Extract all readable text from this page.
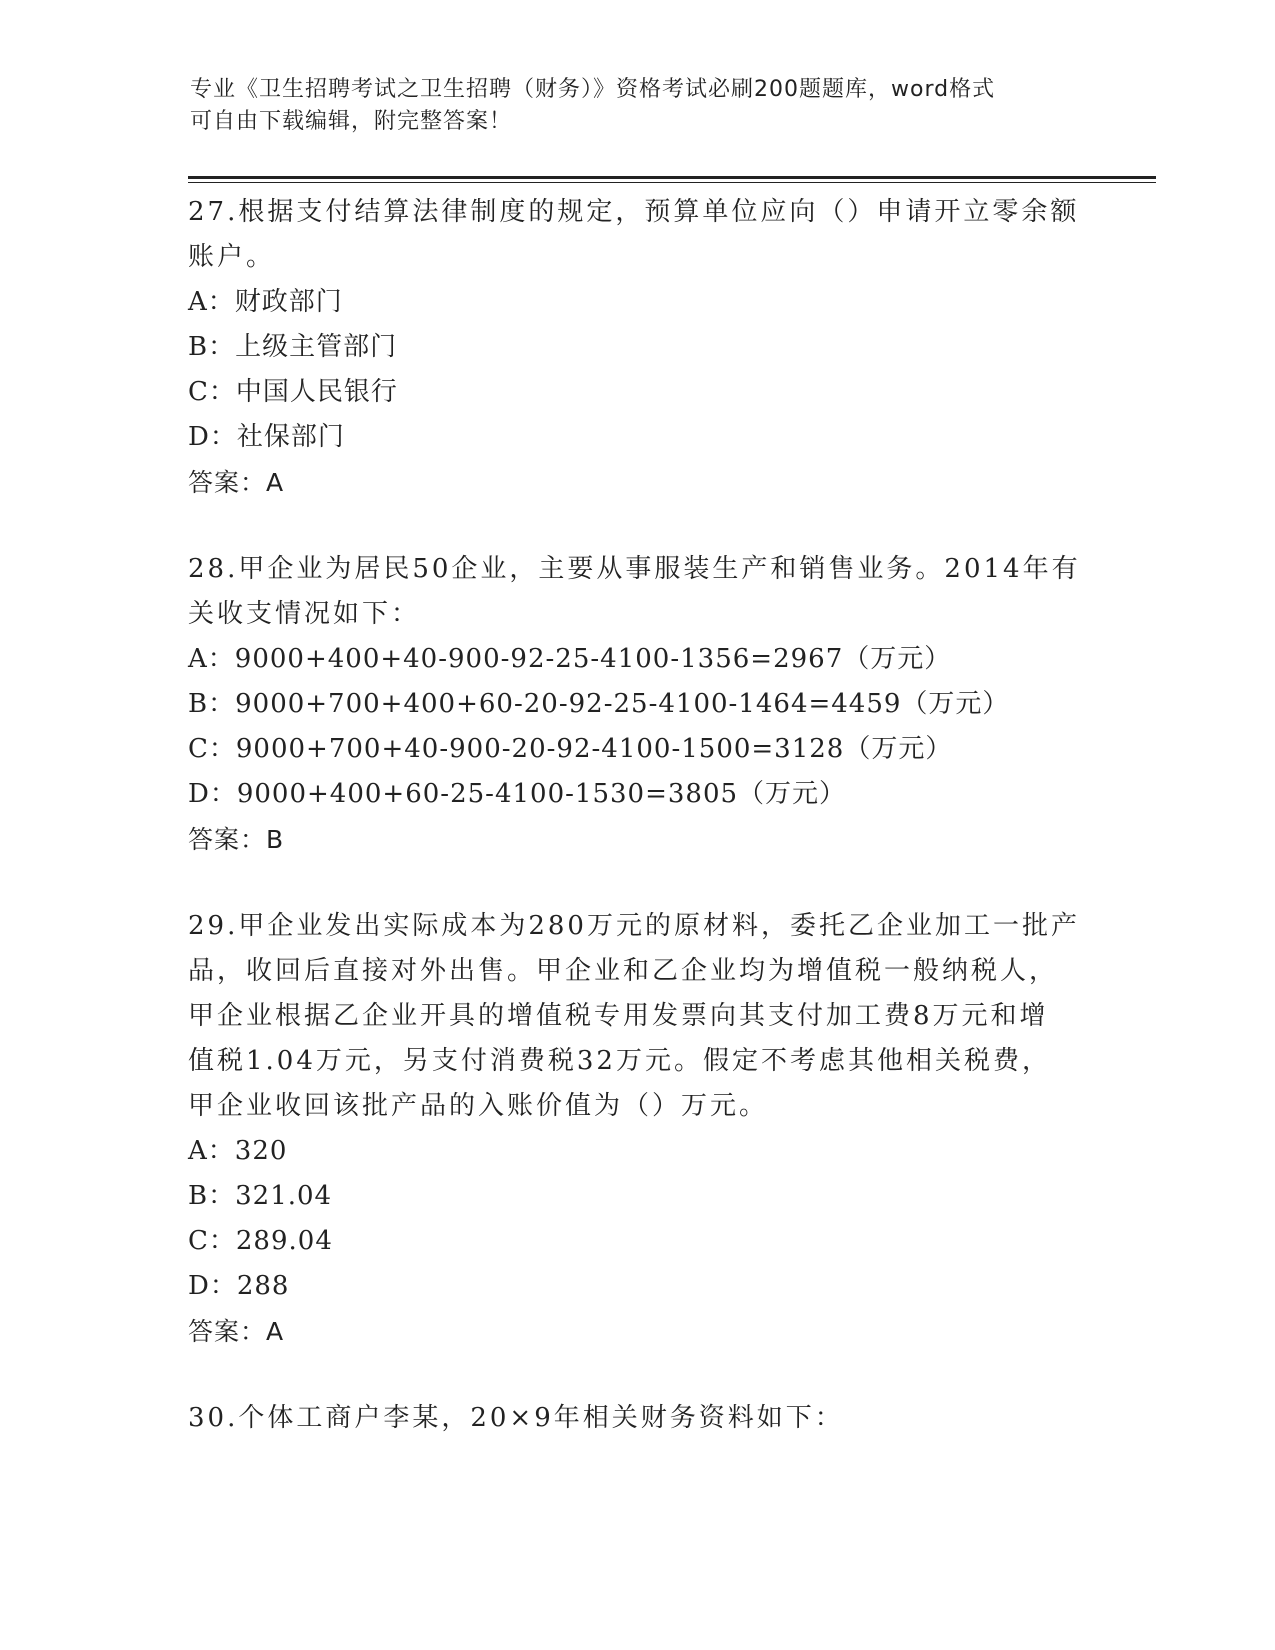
专业《卫生招聘考试之卫生招聘（财务）》资格考试必刷200题题库，word格式
可自由下载编辑，附完整答案！
27.根据支付结算法律制度的规定，预算单位应向（）申请开立零余额
账户。
A：财政部门
B：上级主管部门
C：中国人民银行
D：社保部门
答案：A
28.甲企业为居民50企业，主要从事服装生产和销售业务。2014年有
关收支情况如下：
A：9000+400+40-900-92-25-4100-1356=2967（万元）
B：9000+700+400+60-20-92-25-4100-1464=4459（万元）
C：9000+700+40-900-20-92-4100-1500=3128（万元）
D：9000+400+60-25-4100-1530=3805（万元）
答案：B
29.甲企业发出实际成本为280万元的原材料，委托乙企业加工一批产
品，收回后直接对外出售。甲企业和乙企业均为增值税一般纳税人，
甲企业根据乙企业开具的增值税专用发票向其支付加工费8万元和增
值税1.04万元，另支付消费税32万元。假定不考虑其他相关税费，
甲企业收回该批产品的入账价值为（）万元。
A：320
B：321.04
C：289.04
D：288
答案：A
30.个体工商户李某，20×9年相关财务资料如下：
